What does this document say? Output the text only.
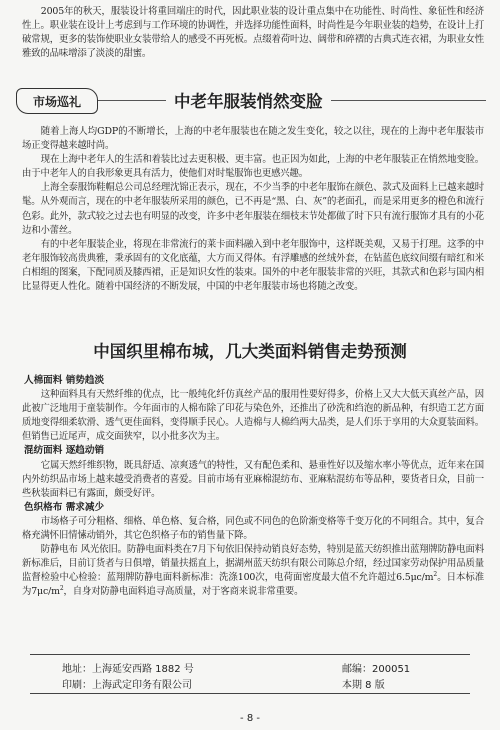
2005年的秋天，服装设计将重回端庄的时代，因此职业装的设计重点集中在功能性、时尚性、象征性和经济性上。职业装在设计上考虑到与工作环境的协调性，并选择功能性面料，时尚性是今年职业装的趋势，在设计上打破常规，更多的装饰使职业女装带给人的感受不再死板。点缀着荷叶边、阔带和碎褶的古典式连衣裙，为职业女性雅致的品味增添了淡淡的甜蜜。

市场巡礼	中老年服装悄然变脸

随着上海人均GDP的不断增长，上海的中老年服装也在随之发生变化，较之以往，现在的上海中老年服装市场正变得越来越时尚。

现在上海中老年人的生活和着装比过去更积极、更丰富。也正因为如此，上海的中老年服装正在悄然地变脸。由于中老年人的自我形象更具有活力，使他们对时髦服饰也更感兴趣。

上海全泰服饰鞋帽总公司总经理沈锦正表示，现在，不少当季的中老年服饰在颜色、款式及面料上已越来越时髦。从外观而言，现在的中老年服装所采用的颜色，已不再是“黑、白、灰”的老面孔，而是采用更多的橙色和流行色彩。此外，款式较之过去也有明显的改变，许多中老年服装在细枝末节处都做了时下只有流行服饰才具有的小花边和小蕾丝。

有的中老年服装企业，将现在非常流行的莱卡面料融入到中老年服饰中，这样既美观，又易于打理。这季的中老年服饰较高贵典雅，秉承固有的文化底蕴，大方而又得体。有浮雕感的丝绒外套，在钻蓝色底纹间缀有暗红和米白相组的图案，下配同质及膝西裙，正是知识女性的装束。国外的中老年服装非常的兴旺，其款式和色彩与国内相比显得更人性化。随着中国经济的不断发展，中国的中老年服装市场也将随之改变。

中国织里棉布城，几大类面料销售走势预测

人棉面料 销势趋淡

这种面料具有天然纤维的优点，比一般纯化纤仿真丝产品的服用性要好得多，价格上又大大低天真丝产品，因此被广泛地用于童装制作。今年面市的人棉布除了印花与染色外，还推出了砂洗和绉泡的新品种，有织造工艺方面质地变得细柔软滑、透气更佳面料，变得顺手民心。人造棉与人棉绉两大品类，是人们乐于享用的大众夏装面料。但销售已近尾声，成交面狭窄，以小批多次为主。

混纺面料 逐趋动销

它属天然纤维织物，既具舒适、凉爽透气的特性，又有配色柔和、悬垂性好以及缩水率小等优点，近年来在国内外纺织品市场上越来越受消费者的喜爱。目前市场有亚麻棉混纺布、亚麻粘混纺布等品种，要货者日众，目前一些秋装面料已有露面，颇受好评。

色织格布 需求减少

市场格子可分粗格、细格、单色格、复合格，同色或不同色的色阶渐变格等千变万化的不同组合。其中，复合格充满怀旧情愫动销外，其它色织格子布的销售量下降。

防静电布 风光依旧。防静电面料类在7月下旬依旧保持动销良好态势，特别是蓝天纺织推出蓝翔牌防静电面料新标准后，目前订货者与日俱增，销量扶摇直上，据湖州蓝天纺织有限公司陈总介绍，经过国家劳动保护用品质量监督检验中心检验：蓝翔牌防静电面料新标准：洗涤100次，电荷面密度最大值不允许超过$6.5\mu c/m^2$。日本标准为$7\mu c/m^2$，自身对防静电面料追寻高质量，对于客商来说非常重要。

地址：上海延安西路 1882 号	邮编：200051
印刷：上海武定印务有限公司	本期 8 版
- 8 -
